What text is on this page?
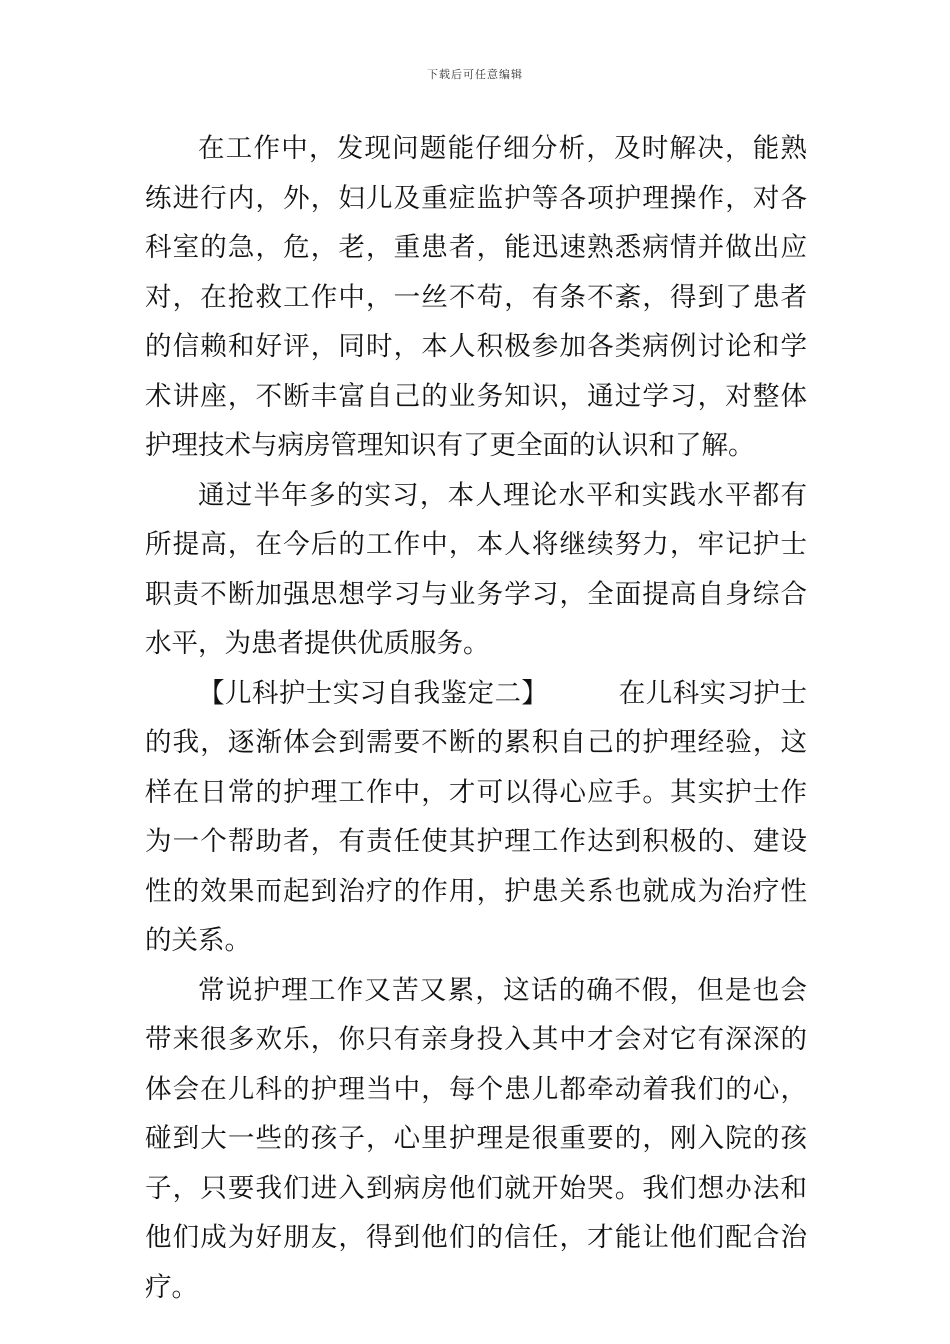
下载后可任意编辑

在工作中，发现问题能仔细分析，及时解决，能熟练进行内，外，妇儿及重症监护等各项护理操作，对各科室的急，危，老，重患者，能迅速熟悉病情并做出应对，在抢救工作中，一丝不苟，有条不紊，得到了患者的信赖和好评，同时，本人积极参加各类病例讨论和学术讲座，不断丰富自己的业务知识，通过学习，对整体护理技术与病房管理知识有了更全面的认识和了解。

通过半年多的实习，本人理论水平和实践水平都有所提高，在今后的工作中，本人将继续努力，牢记护士职责不断加强思想学习与业务学习，全面提高自身综合水平，为患者提供优质服务。

【儿科护士实习自我鉴定二】	在儿科实习护士的我，逐渐体会到需要不断的累积自己的护理经验，这样在日常的护理工作中，才可以得心应手。其实护士作为一个帮助者，有责任使其护理工作达到积极的、建设性的效果而起到治疗的作用，护患关系也就成为治疗性的关系。

常说护理工作又苦又累，这话的确不假，但是也会带来很多欢乐，你只有亲身投入其中才会对它有深深的体会在儿科的护理当中，每个患儿都牵动着我们的心，碰到大一些的孩子，心里护理是很重要的，刚入院的孩子，只要我们进入到病房他们就开始哭。我们想办法和他们成为好朋友，得到他们的信任，才能让他们配合治疗。
